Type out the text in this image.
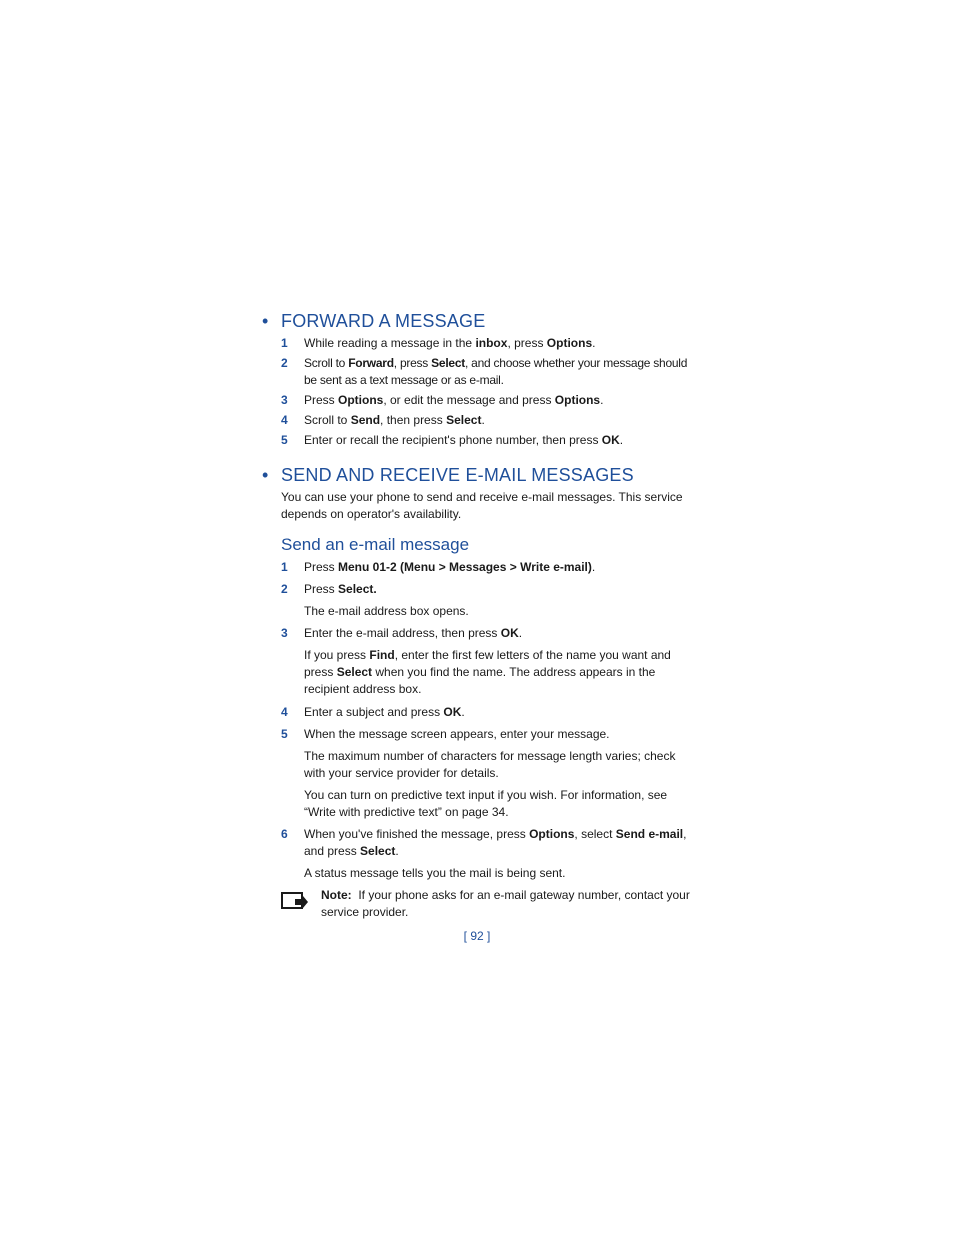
• FORWARD A MESSAGE
1	While reading a message in the inbox, press Options.
2	Scroll to Forward, press Select, and choose whether your message should be sent as a text message or as e-mail.
3	Press Options, or edit the message and press Options.
4	Scroll to Send, then press Select.
5	Enter or recall the recipient's phone number, then press OK.
• SEND AND RECEIVE E-MAIL MESSAGES

You can use your phone to send and receive e-mail messages. This service depends on operator's availability.

Send an e-mail message
1	Press Menu 01-2 (Menu > Messages > Write e-mail).
2	Press Select.
The e-mail address box opens.
3	Enter the e-mail address, then press OK.
If you press Find, enter the first few letters of the name you want and press Select when you find the name. The address appears in the recipient address box.
4	Enter a subject and press OK.
5	When the message screen appears, enter your message.
The maximum number of characters for message length varies; check with your service provider for details.
You can turn on predictive text input if you wish. For information, see “Write with predictive text” on page 34.
6	When you've finished the message, press Options, select Send e-mail, and press Select.
A status message tells you the mail is being sent.
Note: If your phone asks for an e-mail gateway number, contact your service provider.
[ 92 ]
